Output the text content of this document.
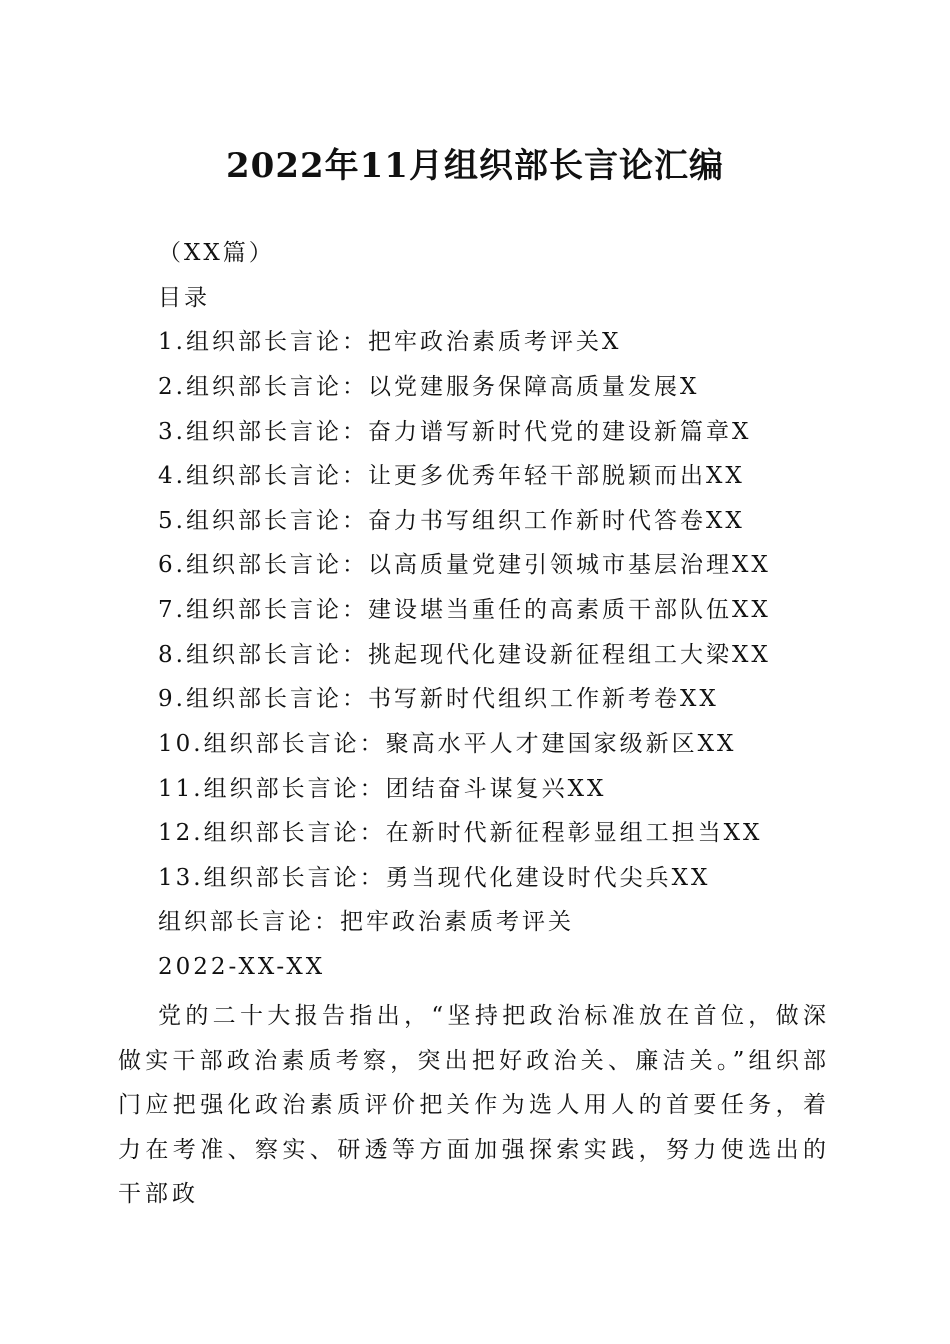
2022年11月组织部长言论汇编
（XX篇）
目录
1.组织部长言论：把牢政治素质考评关X
2.组织部长言论：以党建服务保障高质量发展X
3.组织部长言论：奋力谱写新时代党的建设新篇章X
4.组织部长言论：让更多优秀年轻干部脱颖而出XX
5.组织部长言论：奋力书写组织工作新时代答卷XX
6.组织部长言论：以高质量党建引领城市基层治理XX
7.组织部长言论：建设堪当重任的高素质干部队伍XX
8.组织部长言论：挑起现代化建设新征程组工大梁XX
9.组织部长言论：书写新时代组织工作新考卷XX
10.组织部长言论：聚高水平人才建国家级新区XX
11.组织部长言论：团结奋斗谋复兴XX
12.组织部长言论：在新时代新征程彰显组工担当XX
13.组织部长言论：勇当现代化建设时代尖兵XX
组织部长言论：把牢政治素质考评关
2022-XX-XX
党的二十大报告指出，“坚持把政治标准放在首位，做深做实干部政治素质考察，突出把好政治关、廉洁关。”组织部门应把强化政治素质评价把关作为选人用人的首要任务，着力在考准、察实、研透等方面加强探索实践，努力使选出的干部政
